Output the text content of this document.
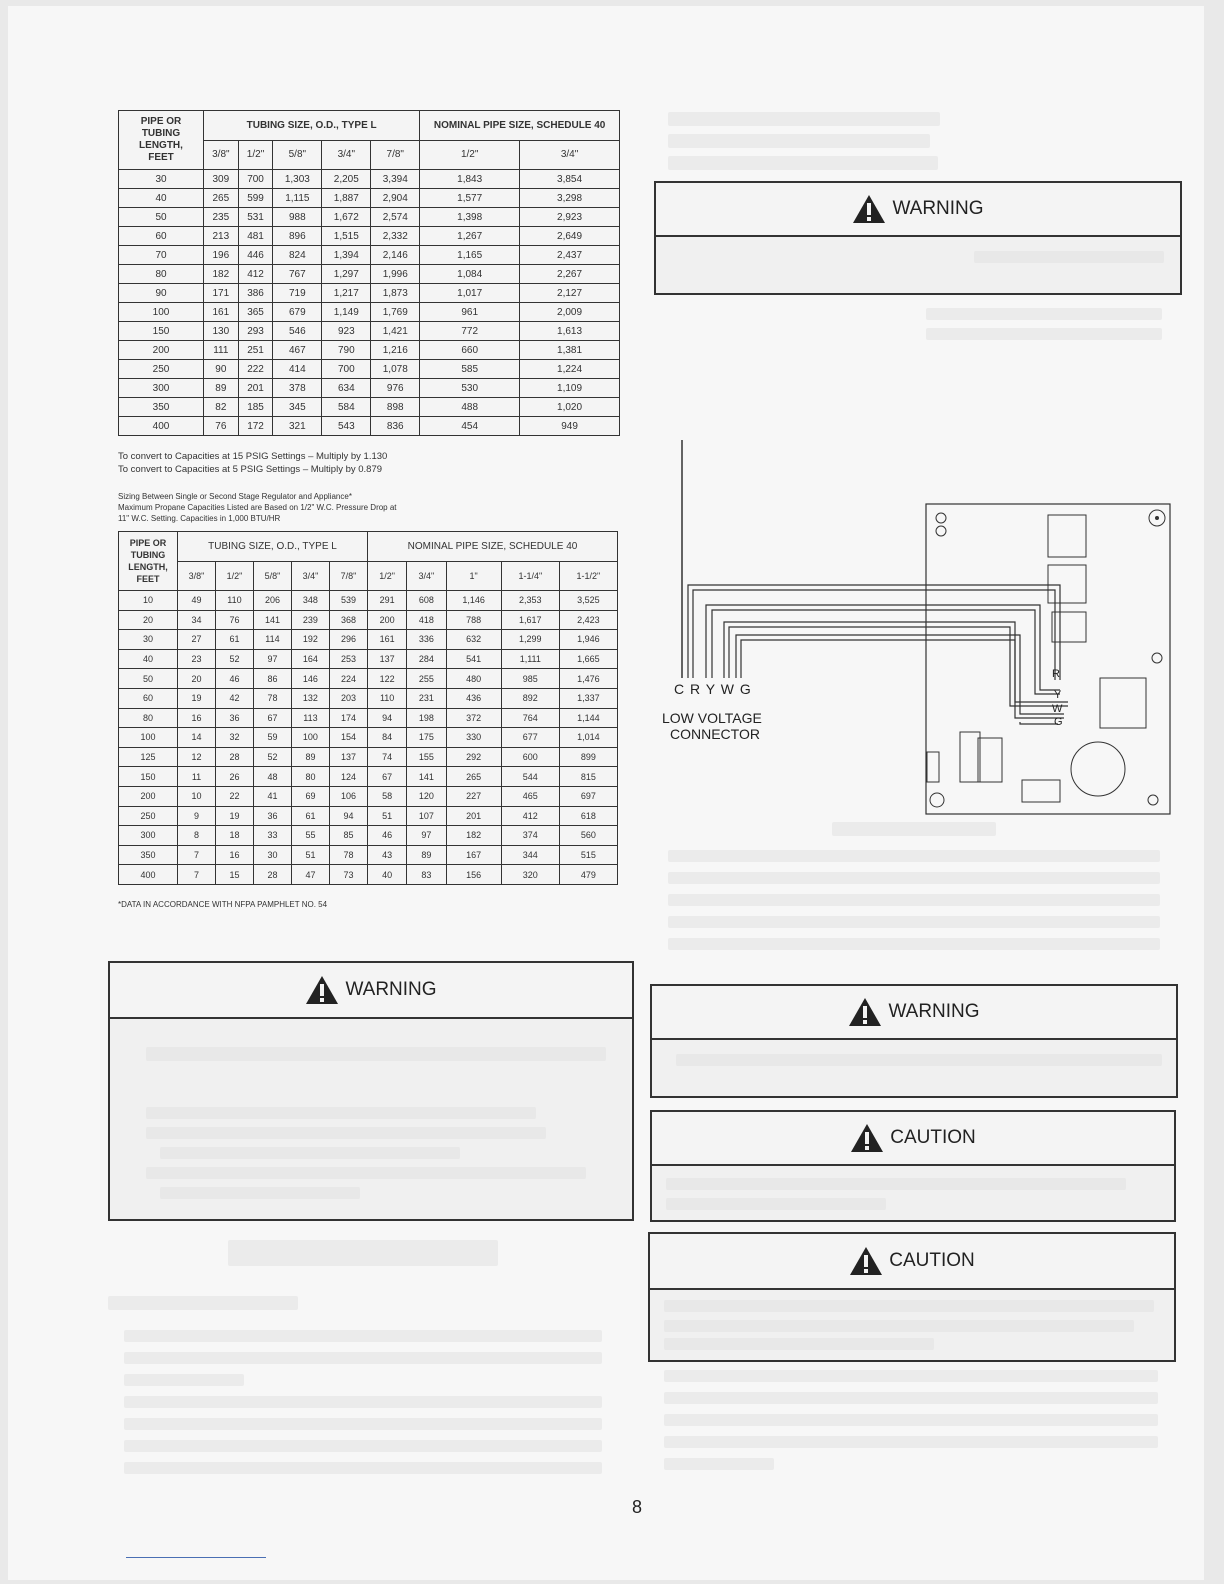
PIPE OR
TUBING
LENGTH,
FEET	TUBING SIZE, O.D., TYPE L					NOMINAL PIPE SIZE, SCHEDULE 40	
	3/8"	1/2"	5/8"	3/4"	7/8"	1/2"	3/4"
30	309	700	1,303	2,205	3,394	1,843	3,854
40	265	599	1,115	1,887	2,904	1,577	3,298
50	235	531	988	1,672	2,574	1,398	2,923
60	213	481	896	1,515	2,332	1,267	2,649
70	196	446	824	1,394	2,146	1,165	2,437
80	182	412	767	1,297	1,996	1,084	2,267
90	171	386	719	1,217	1,873	1,017	2,127
100	161	365	679	1,149	1,769	961	2,009
150	130	293	546	923	1,421	772	1,613
200	111	251	467	790	1,216	660	1,381
250	90	222	414	700	1,078	585	1,224
300	89	201	378	634	976	530	1,109
350	82	185	345	584	898	488	1,020
400	76	172	321	543	836	454	949
To convert to Capacities at 15 PSIG Settings – Multiply by 1.130
To convert to Capacities at 5 PSIG Settings – Multiply by 0.879
Sizing Between Single or Second Stage Regulator and Appliance*
Maximum Propane Capacities Listed are Based on 1/2" W.C. Pressure Drop at
11" W.C. Setting. Capacities in 1,000 BTU/HR
PIPE OR
TUBING
LENGTH,
FEET	TUBING SIZE, O.D., TYPE L					NOMINAL PIPE SIZE, SCHEDULE 40				
	3/8"	1/2"	5/8"	3/4"	7/8"	1/2"	3/4"	1"	1-1/4"	1-1/2"
10	49	110	206	348	539	291	608	1,146	2,353	3,525
20	34	76	141	239	368	200	418	788	1,617	2,423
30	27	61	114	192	296	161	336	632	1,299	1,946
40	23	52	97	164	253	137	284	541	1,111	1,665
50	20	46	86	146	224	122	255	480	985	1,476
60	19	42	78	132	203	110	231	436	892	1,337
80	16	36	67	113	174	94	198	372	764	1,144
100	14	32	59	100	154	84	175	330	677	1,014
125	12	28	52	89	137	74	155	292	600	899
150	11	26	48	80	124	67	141	265	544	815
200	10	22	41	69	106	58	120	227	465	697
250	9	19	36	61	94	51	107	201	412	618
300	8	18	33	55	85	46	97	182	374	560
350	7	16	30	51	78	43	89	167	344	515
400	7	15	28	47	73	40	83	156	320	479
*DATA IN ACCORDANCE WITH NFPA PAMPHLET NO. 54
WARNING
WARNING
C R Y W G
LOW VOLTAGE
CONNECTOR
R
Y
W
G
WARNING
CAUTION
CAUTION
8
